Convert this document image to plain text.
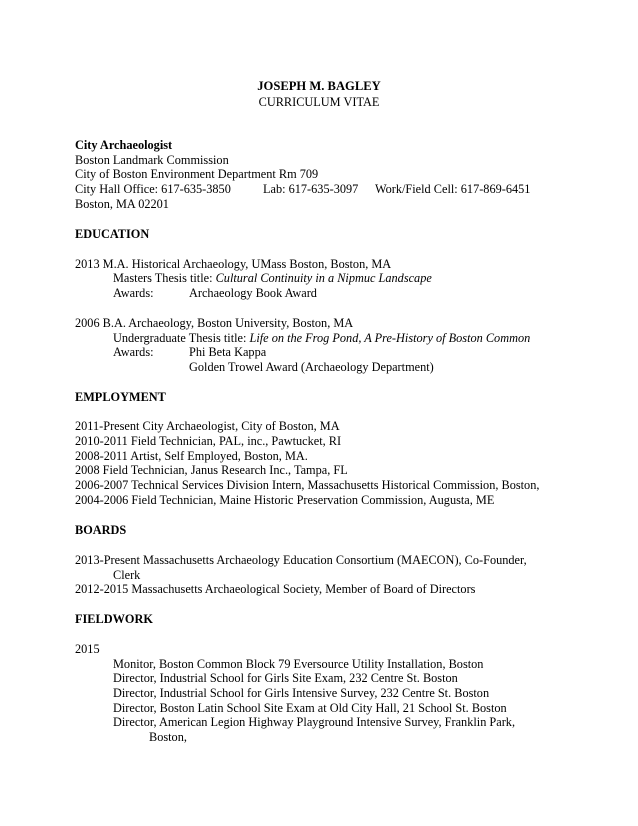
JOSEPH M. BAGLEY
CURRICULUM VITAE
City Archaeologist
Boston Landmark Commission
City of Boston Environment Department Rm 709
City Hall Office: 617-635-3850	Lab: 617-635-3097 Work/Field Cell: 617-869-6451
Boston, MA 02201
EDUCATION
2013 M.A. Historical Archaeology, UMass Boston, Boston, MA
Masters Thesis title: Cultural Continuity in a Nipmuc Landscape
Awards:	Archaeology Book Award
2006 B.A. Archaeology, Boston University, Boston, MA
Undergraduate Thesis title: Life on the Frog Pond, A Pre-History of Boston Common
Awards:	Phi Beta Kappa
Golden Trowel Award (Archaeology Department)
EMPLOYMENT
2011-Present City Archaeologist, City of Boston, MA
2010-2011 Field Technician, PAL, inc., Pawtucket, RI
2008-2011 Artist, Self Employed, Boston, MA.
2008 Field Technician, Janus Research Inc., Tampa, FL
2006-2007 Technical Services Division Intern, Massachusetts Historical Commission, Boston,
2004-2006 Field Technician, Maine Historic Preservation Commission, Augusta, ME
BOARDS
2013-Present Massachusetts Archaeology Education Consortium (MAECON), Co-Founder,
Clerk
2012-2015 Massachusetts Archaeological Society, Member of Board of Directors
FIELDWORK
2015
Monitor, Boston Common Block 79 Eversource Utility Installation, Boston
Director, Industrial School for Girls Site Exam, 232 Centre St. Boston
Director, Industrial School for Girls Intensive Survey, 232 Centre St. Boston
Director, Boston Latin School Site Exam at Old City Hall, 21 School St. Boston
Director, American Legion Highway Playground Intensive Survey, Franklin Park,
Boston,
